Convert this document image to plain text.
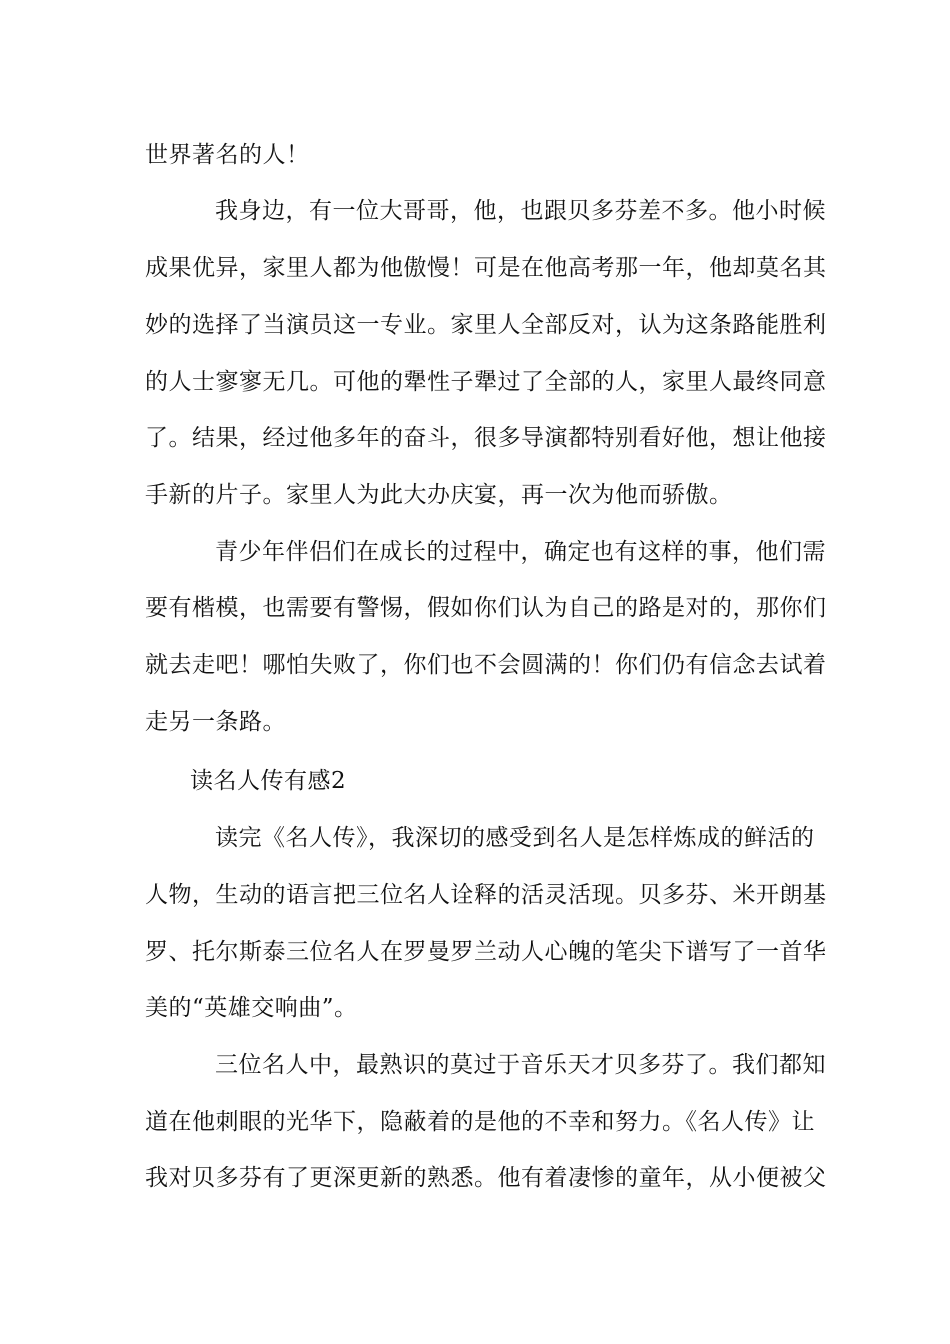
世界著名的人！
我身边，有一位大哥哥，他，也跟贝多芬差不多。他小时候
成果优异，家里人都为他傲慢！可是在他高考那一年，他却莫名其
妙的选择了当演员这一专业。家里人全部反对，认为这条路能胜利
的人士寥寥无几。可他的犟性子犟过了全部的人，家里人最终同意
了。结果，经过他多年的奋斗，很多导演都特别看好他，想让他接
手新的片子。家里人为此大办庆宴，再一次为他而骄傲。
青少年伴侣们在成长的过程中，确定也有这样的事，他们需
要有楷模，也需要有警惕，假如你们认为自己的路是对的，那你们
就去走吧！哪怕失败了，你们也不会圆满的！你们仍有信念去试着
走另一条路。
读名人传有感2
读完《名人传》，我深切的感受到名人是怎样炼成的鲜活的
人物，生动的语言把三位名人诠释的活灵活现。贝多芬、米开朗基
罗、托尔斯泰三位名人在罗曼罗兰动人心魄的笔尖下谱写了一首华
美的“英雄交响曲”。
三位名人中，最熟识的莫过于音乐天才贝多芬了。我们都知
道在他刺眼的光华下，隐蔽着的是他的不幸和努力。《名人传》让
我对贝多芬有了更深更新的熟悉。他有着凄惨的童年，从小便被父
